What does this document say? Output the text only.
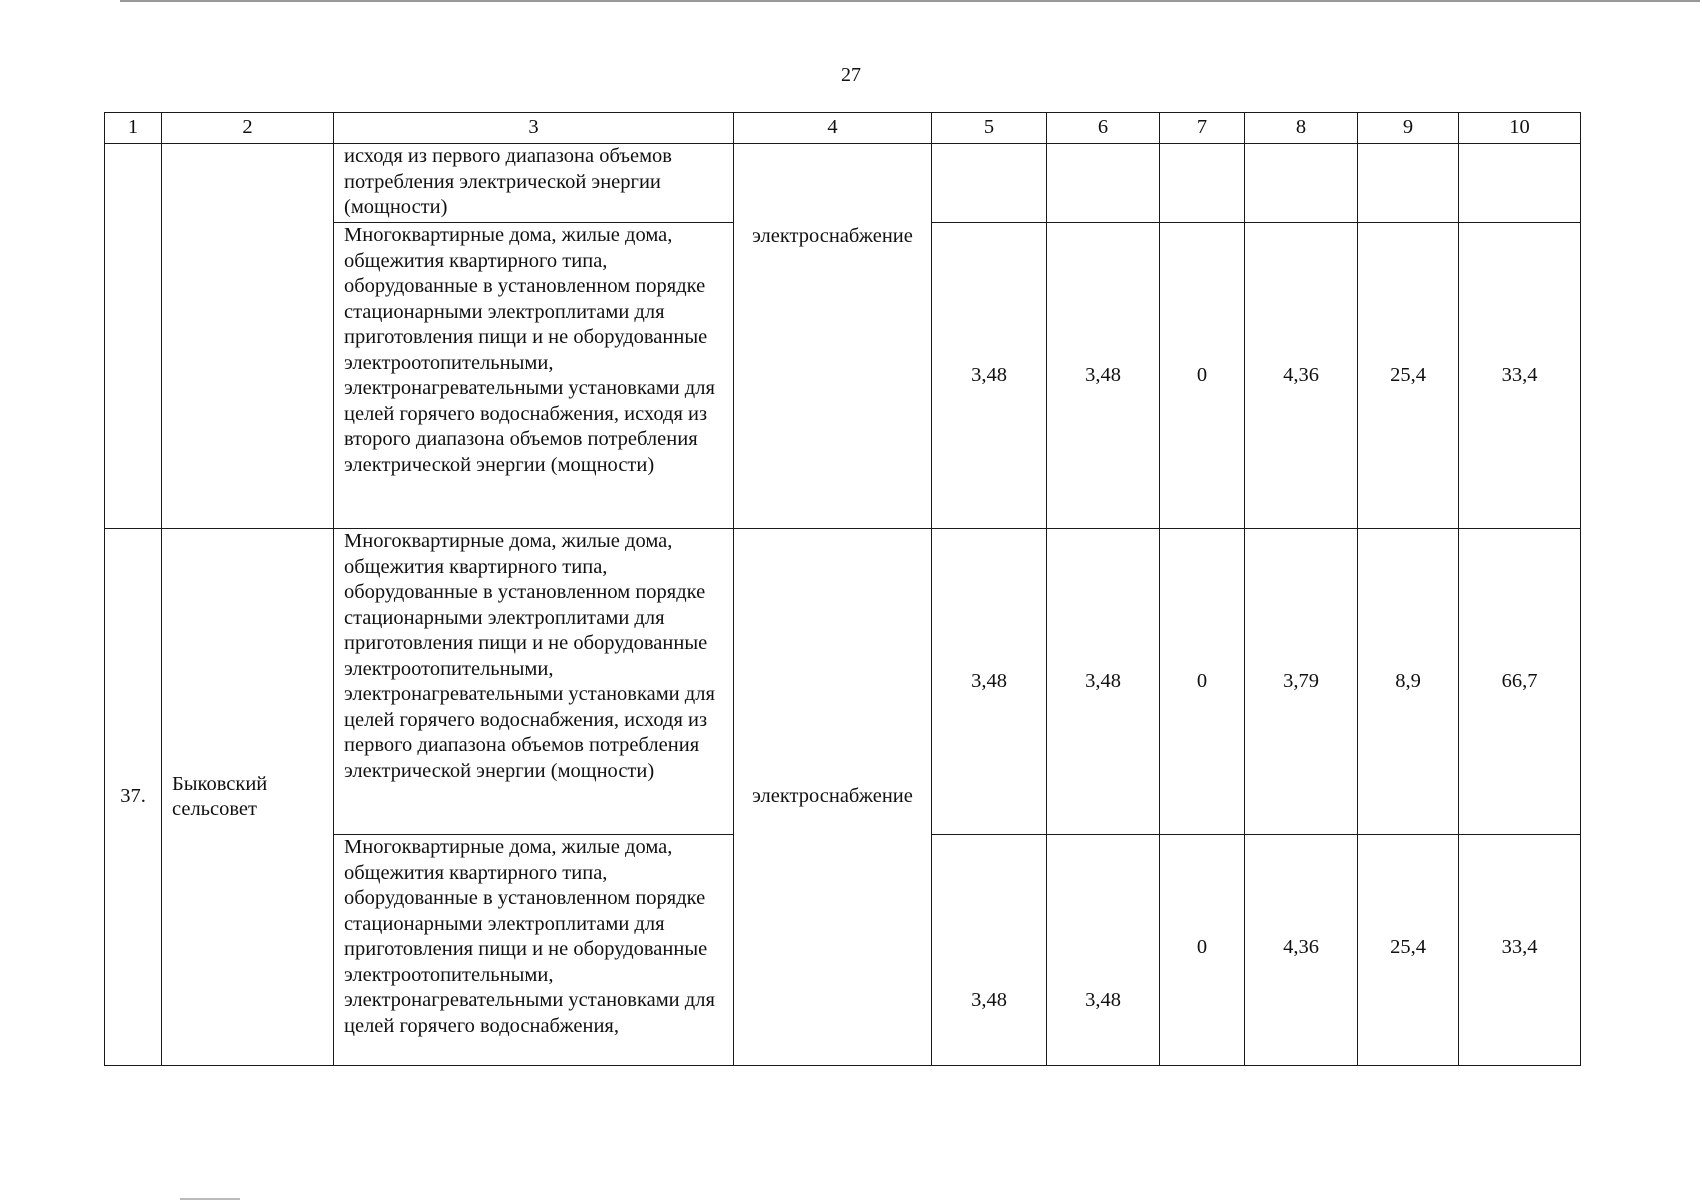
27
1	2	3	4	5	6	7	8	9	10
		исходя из первого диапазона объемов потребления электрической энергии (мощности)	электроснабжение						
		Многоквартирные дома, жилые дома, общежития квартирного типа, оборудованные в установленном порядке стационарными электроплитами для приготовления пищи и не оборудованные электроотопительными, электронагревательными установками для целей горячего водоснабжения, исходя из второго диапазона объемов потребления электрической энергии (мощности)		3,48	3,48	0	4,36	25,4	33,4
37.	Быковский сельсовет	Многоквартирные дома, жилые дома, общежития квартирного типа, оборудованные в установленном порядке стационарными электроплитами для приготовления пищи и не оборудованные электроотопительными, электронагревательными установками для целей горячего водоснабжения, исходя из первого диапазона объемов потребления электрической энергии (мощности)	электроснабжение	3,48	3,48	0	3,79	8,9	66,7
		Многоквартирные дома, жилые дома, общежития квартирного типа, оборудованные в установленном порядке стационарными электроплитами для приготовления пищи и не оборудованные электроотопительными, электронагревательными установками для целей горячего водоснабжения,		3,48	3,48	0	4,36	25,4	33,4
